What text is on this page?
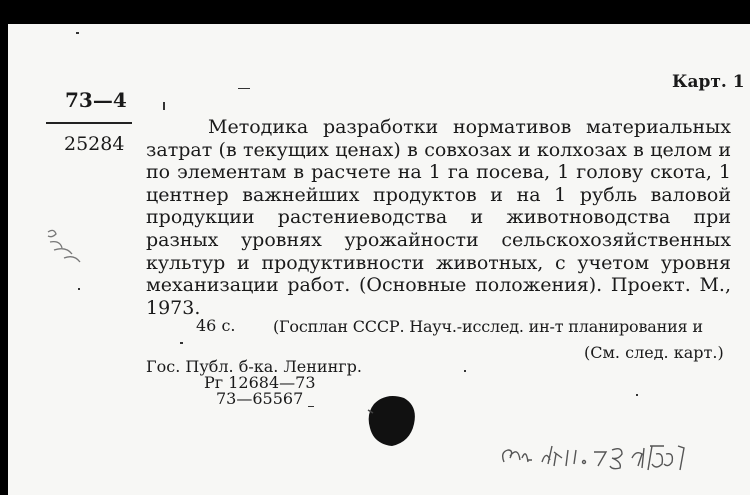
73—4
25284
Карт. 1
Методика разработки нормативов материальных затрат (в текущих ценах) в совхозах и колхозах в целом и по элементам в расчете на 1 га посева, 1 голову скота, 1 центнер важнейших продуктов и на 1 рубль валовой продукции растениеводства и животноводства при разных уровнях урожайности сельскохозяйственных культур и продуктивности животных, с учетом уровня механизации работ. (Основные положения). Проект. М., 1973.
46 с. (Госплан СССР. Науч.-исслед. ин-т планирования и
(См. след. карт.)
Гос. Публ. б-ка. Ленингр.
Рг 12684—73
73—65567
